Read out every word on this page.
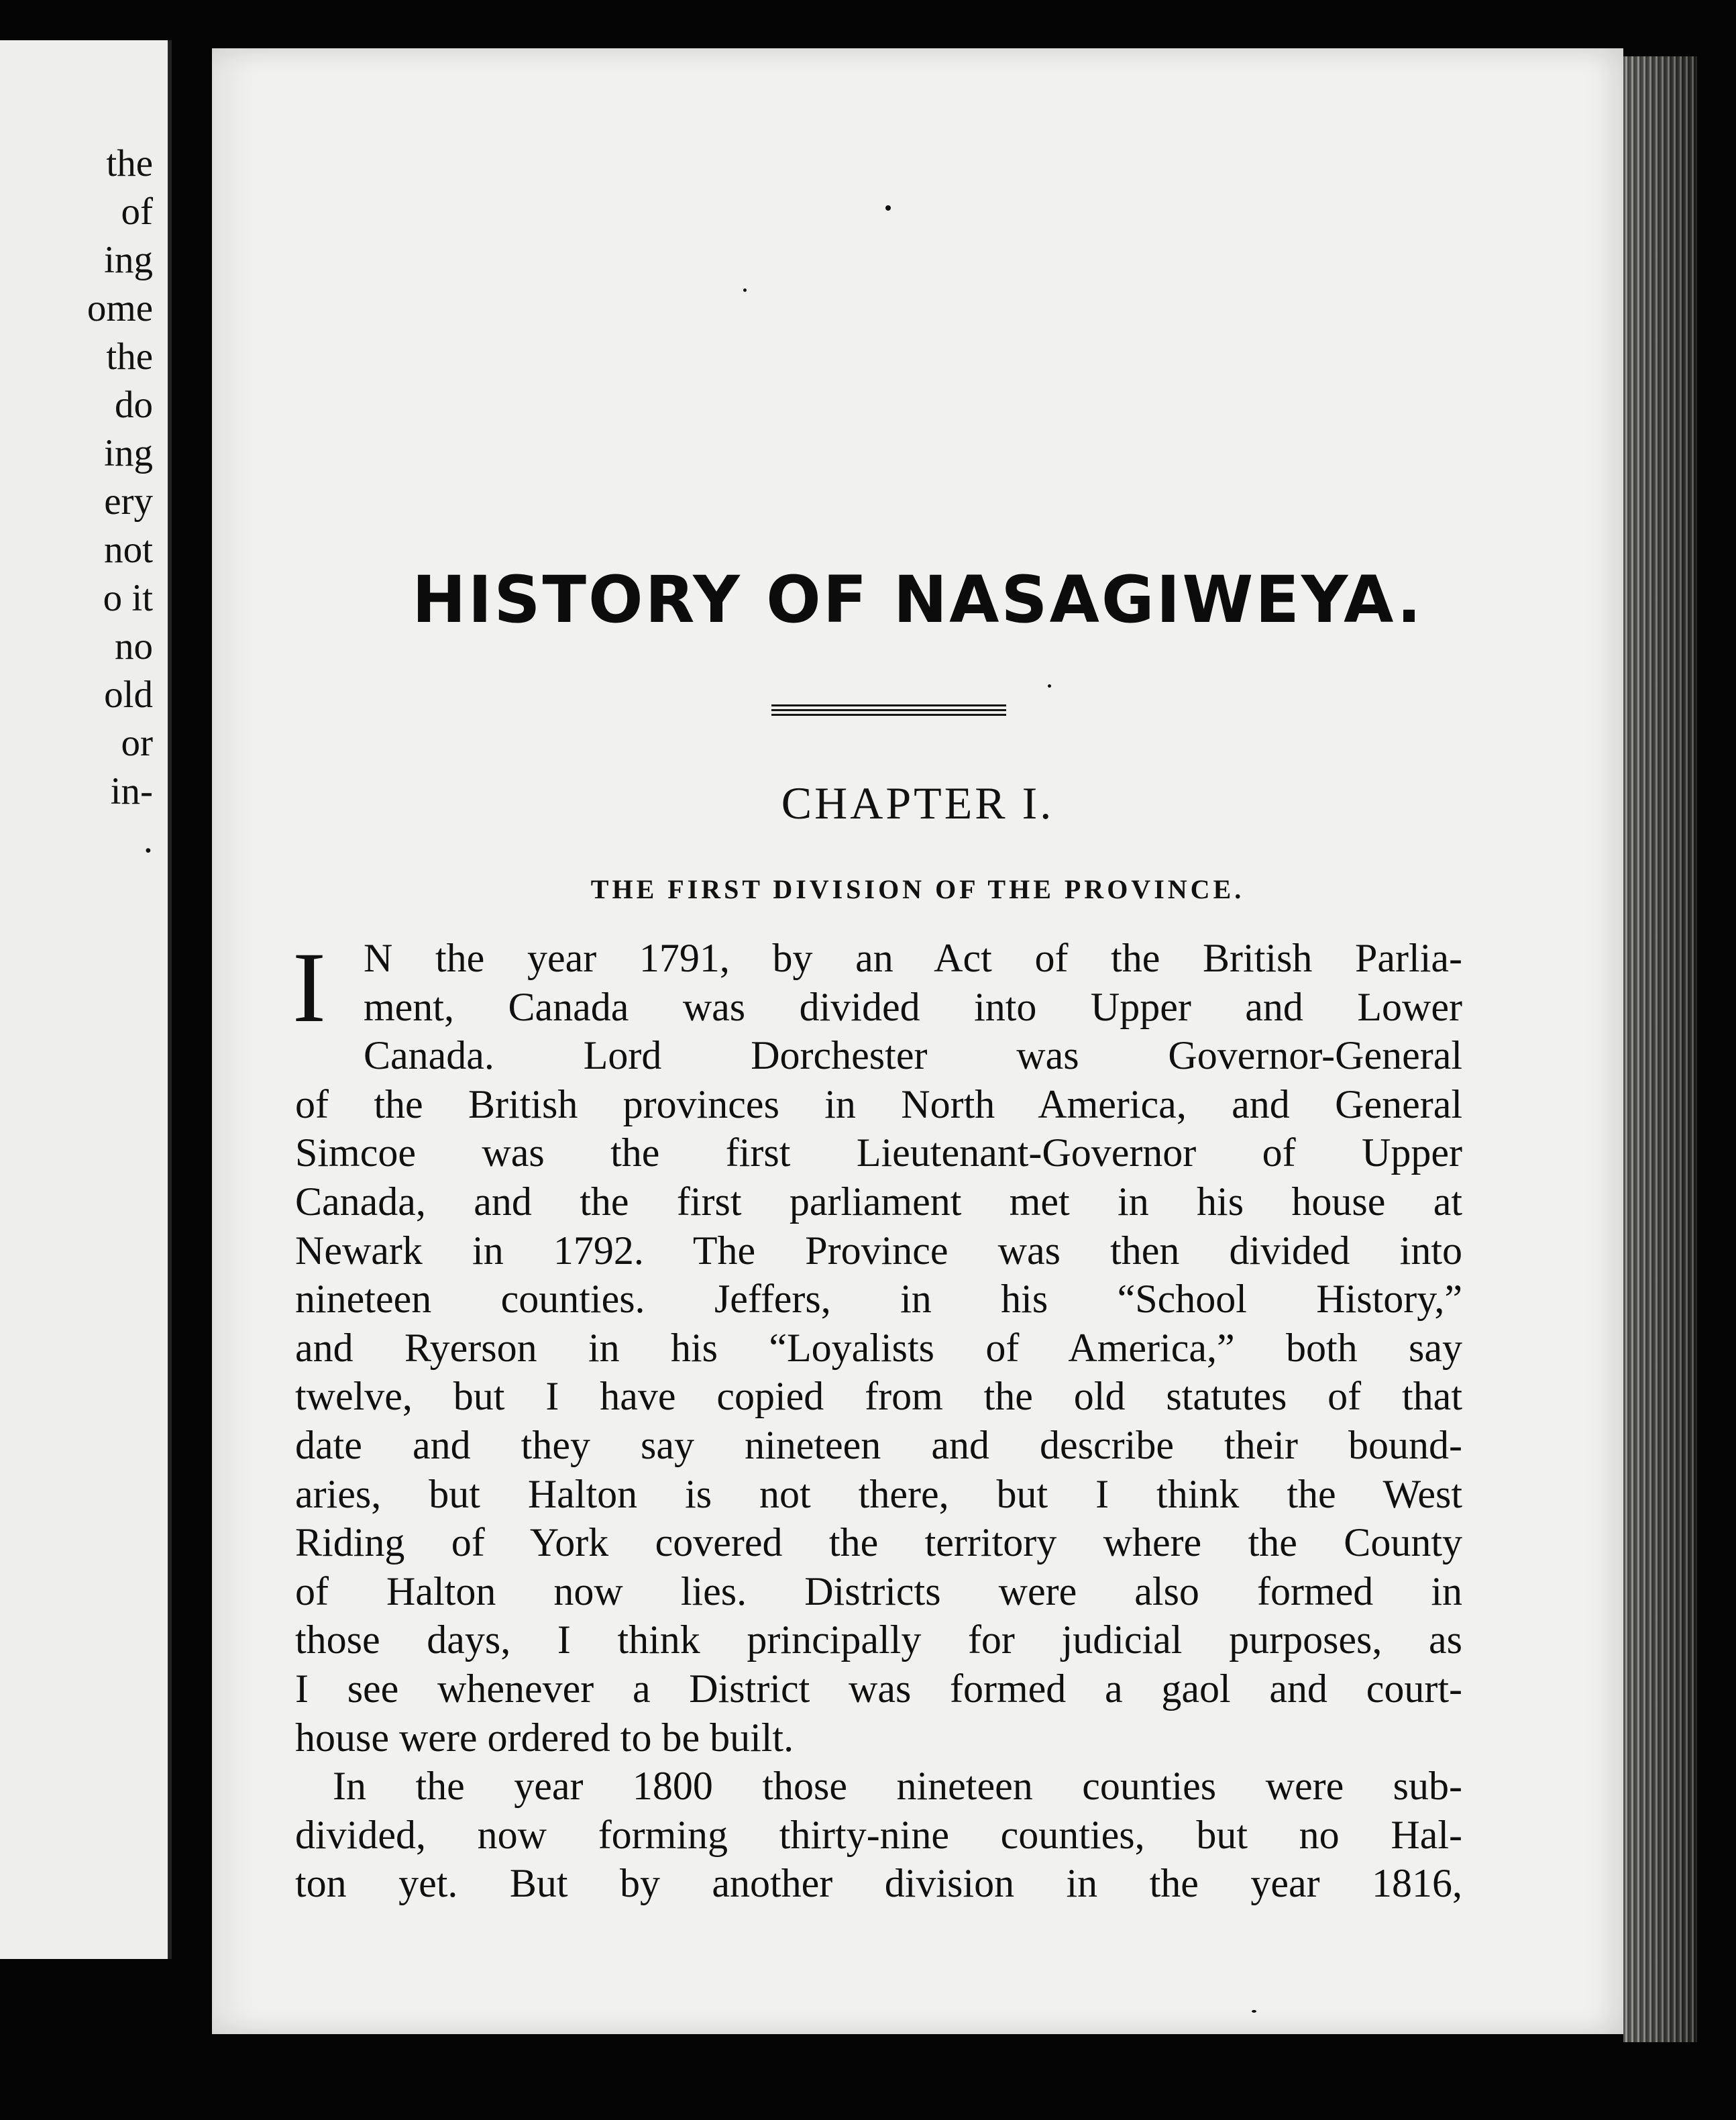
the
of
ing
ome
the
do
ing
ery
not
o it
no
old
or
in-
.
HISTORY OF NASAGIWEYA.
CHAPTER I.
THE FIRST DIVISION OF THE PROVINCE.
I N the year 1791, by an Act of the British Parlia-
ment, Canada was divided into Upper and Lower
Canada. Lord Dorchester was Governor-General
of the British provinces in North America, and General
Simcoe was the first Lieutenant-Governor of Upper
Canada, and the first parliament met in his house at
Newark in 1792. The Province was then divided into
nineteen counties. Jeffers, in his “School History,”
and Ryerson in his “Loyalists of America,” both say
twelve, but I have copied from the old statutes of that
date and they say nineteen and describe their bound-
aries, but Halton is not there, but I think the West
Riding of York covered the territory where the County
of Halton now lies. Districts were also formed in
those days, I think principally for judicial purposes, as
I see whenever a District was formed a gaol and court-
house were ordered to be built.
In the year 1800 those nineteen counties were sub-
divided, now forming thirty-nine counties, but no Hal-
ton yet. But by another division in the year 1816,
